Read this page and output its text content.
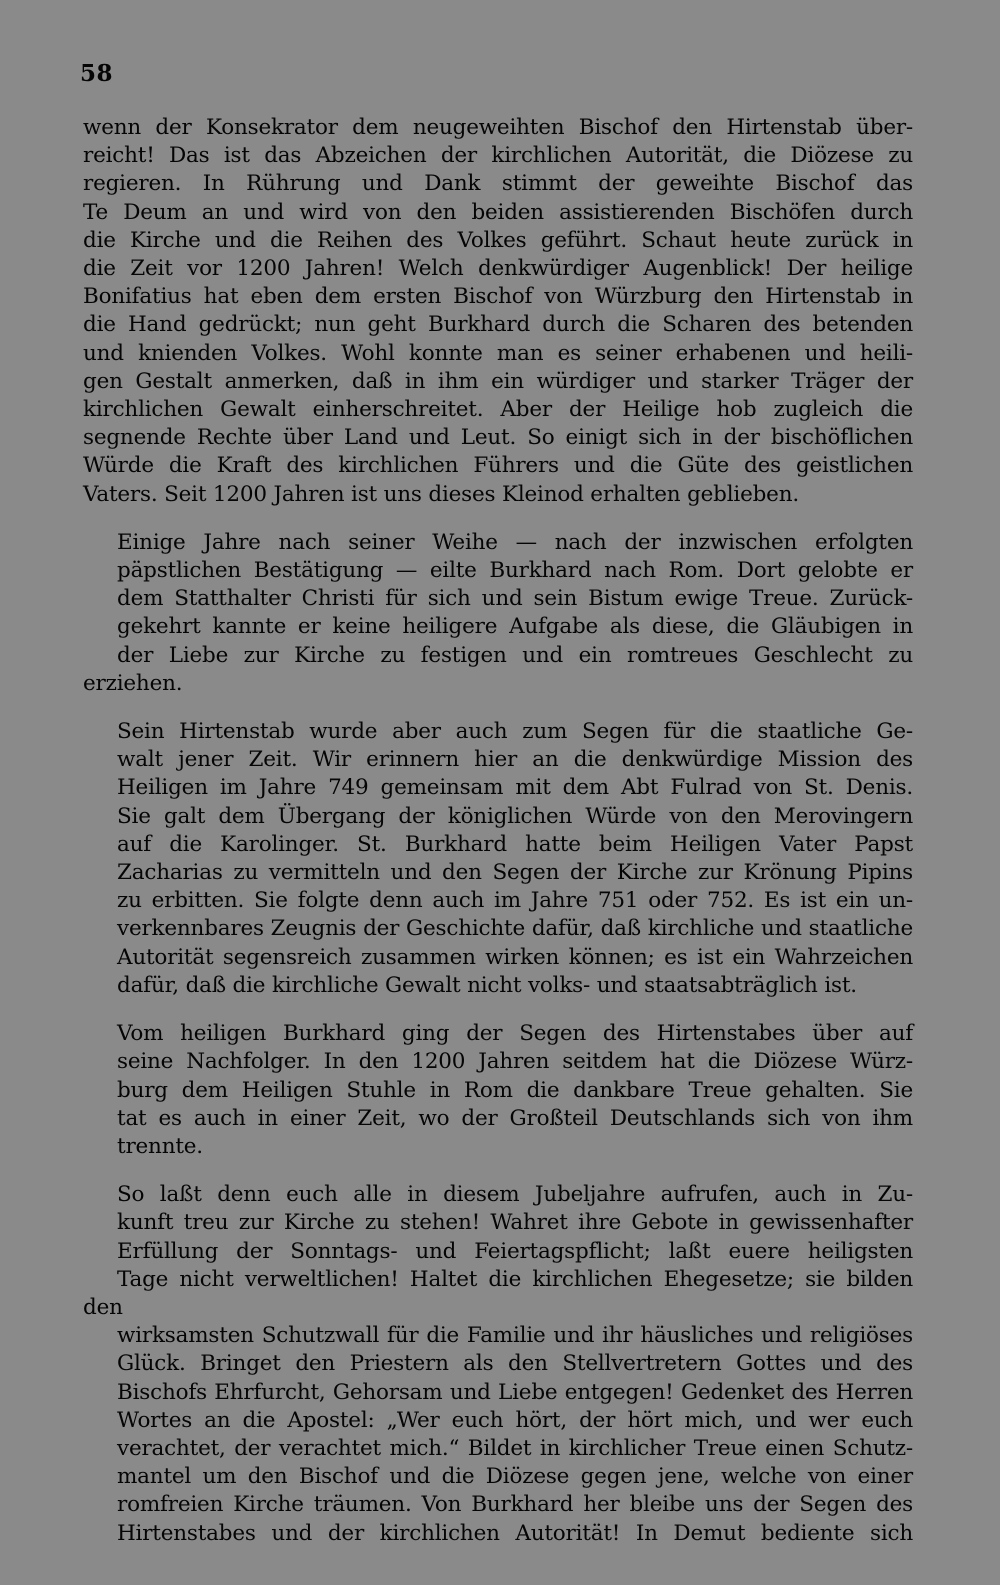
58
wenn der Konsekrator dem neugeweihten Bischof den Hirtenstab über-
reicht! Das ist das Abzeichen der kirchlichen Autorität, die Diözese zu
regieren. In Rührung und Dank stimmt der geweihte Bischof das
Te Deum an und wird von den beiden assistierenden Bischöfen durch
die Kirche und die Reihen des Volkes geführt. Schaut heute zurück in
die Zeit vor 1200 Jahren! Welch denkwürdiger Augenblick! Der heilige
Bonifatius hat eben dem ersten Bischof von Würzburg den Hirtenstab in
die Hand gedrückt; nun geht Burkhard durch die Scharen des betenden
und knienden Volkes. Wohl konnte man es seiner erhabenen und heili-
gen Gestalt anmerken, daß in ihm ein würdiger und starker Träger der
kirchlichen Gewalt einherschreitet. Aber der Heilige hob zugleich die
segnende Rechte über Land und Leut. So einigt sich in der bischöflichen
Würde die Kraft des kirchlichen Führers und die Güte des geistlichen
Vaters. Seit 1200 Jahren ist uns dieses Kleinod erhalten geblieben.
Einige Jahre nach seiner Weihe — nach der inzwischen erfolgten
päpstlichen Bestätigung — eilte Burkhard nach Rom. Dort gelobte er
dem Statthalter Christi für sich und sein Bistum ewige Treue. Zurück-
gekehrt kannte er keine heiligere Aufgabe als diese, die Gläubigen in
der Liebe zur Kirche zu festigen und ein romtreues Geschlecht zu erziehen.
Sein Hirtenstab wurde aber auch zum Segen für die staatliche Ge-
walt jener Zeit. Wir erinnern hier an die denkwürdige Mission des
Heiligen im Jahre 749 gemeinsam mit dem Abt Fulrad von St. Denis.
Sie galt dem Übergang der königlichen Würde von den Merovingern
auf die Karolinger. St. Burkhard hatte beim Heiligen Vater Papst
Zacharias zu vermitteln und den Segen der Kirche zur Krönung Pipins
zu erbitten. Sie folgte denn auch im Jahre 751 oder 752. Es ist ein un-
verkennbares Zeugnis der Geschichte dafür, daß kirchliche und staatliche
Autorität segensreich zusammen wirken können; es ist ein Wahrzeichen
dafür, daß die kirchliche Gewalt nicht volks- und staatsabträglich ist.
Vom heiligen Burkhard ging der Segen des Hirtenstabes über auf
seine Nachfolger. In den 1200 Jahren seitdem hat die Diözese Würz-
burg dem Heiligen Stuhle in Rom die dankbare Treue gehalten. Sie
tat es auch in einer Zeit, wo der Großteil Deutschlands sich von ihm
trennte.
So laßt denn euch alle in diesem Jubeljahre aufrufen, auch in Zu-
kunft treu zur Kirche zu stehen! Wahret ihre Gebote in gewissenhafter
Erfüllung der Sonntags- und Feiertagspflicht; laßt euere heiligsten
Tage nicht verweltlichen! Haltet die kirchlichen Ehegesetze; sie bilden den
wirksamsten Schutzwall für die Familie und ihr häusliches und religiöses
Glück. Bringet den Priestern als den Stellvertretern Gottes und des
Bischofs Ehrfurcht, Gehorsam und Liebe entgegen! Gedenket des Herren
Wortes an die Apostel: „Wer euch hört, der hört mich, und wer euch
verachtet, der verachtet mich.“ Bildet in kirchlicher Treue einen Schutz-
mantel um den Bischof und die Diözese gegen jene, welche von einer
romfreien Kirche träumen. Von Burkhard her bleibe uns der Segen des
Hirtenstabes und der kirchlichen Autorität! In Demut bediente sich
